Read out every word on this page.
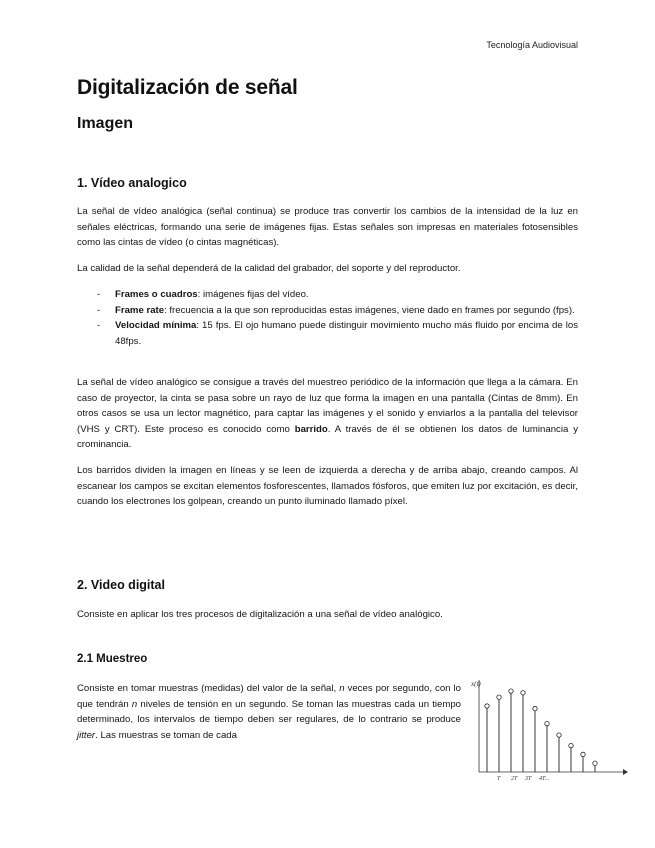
Tecnología Audiovisual
Digitalización de señal
Imagen
1. Vídeo analogico

La señal de vídeo analógica (señal continua) se produce tras convertir los cambios de la intensidad de la luz en señales eléctricas, formando una serie de imágenes fijas. Estas señales son impresas en materiales fotosensibles como las cintas de vídeo (o cintas magnéticas).

La calidad de la señal dependerá de la calidad del grabador, del soporte y del reproductor.

- Frames o cuadros: imágenes fijas del vídeo.
- Frame rate: frecuencia a la que son reproducidas estas imágenes, viene dado en frames por segundo (fps).
- Velocidad mínima: 15 fps. El ojo humano puede distinguir movimiento mucho más fluido por encima de los 48fps.

La señal de vídeo analógico se consigue a través del muestreo periódico de la información que llega a la cámara. En caso de proyector, la cinta se pasa sobre un rayo de luz que forma la imagen en una pantalla (Cintas de 8mm). En otros casos se usa un lector magnético, para captar las imágenes y el sonido y enviarlos a la pantalla del televisor (VHS y CRT). Este proceso es conocido como barrido. A través de él se obtienen los datos de luminancia y crominancia.

Los barridos dividen la imagen en líneas y se leen de izquierda a derecha y de arriba abajo, creando campos. Al escanear los campos se excitan elementos fosforescentes, llamados fósforos, que emiten luz por excitación, es decir, cuando los electrones los golpean, creando un punto iluminado llamado píxel.

2. Video digital

Consiste en aplicar los tres procesos de digitalización a una señal de vídeo analógico.

2.1 Muestreo

Consiste en tomar muestras (medidas) del valor de la señal, n veces por segundo, con lo que tendrán n niveles de tensión en un segundo. Se toman las muestras cada un tiempo determinado, los intervalos de tiempo deben ser regulares, de lo contrario se produce jitter. Las muestras se toman de cada

x(t)
T 2T 3T 4T...
